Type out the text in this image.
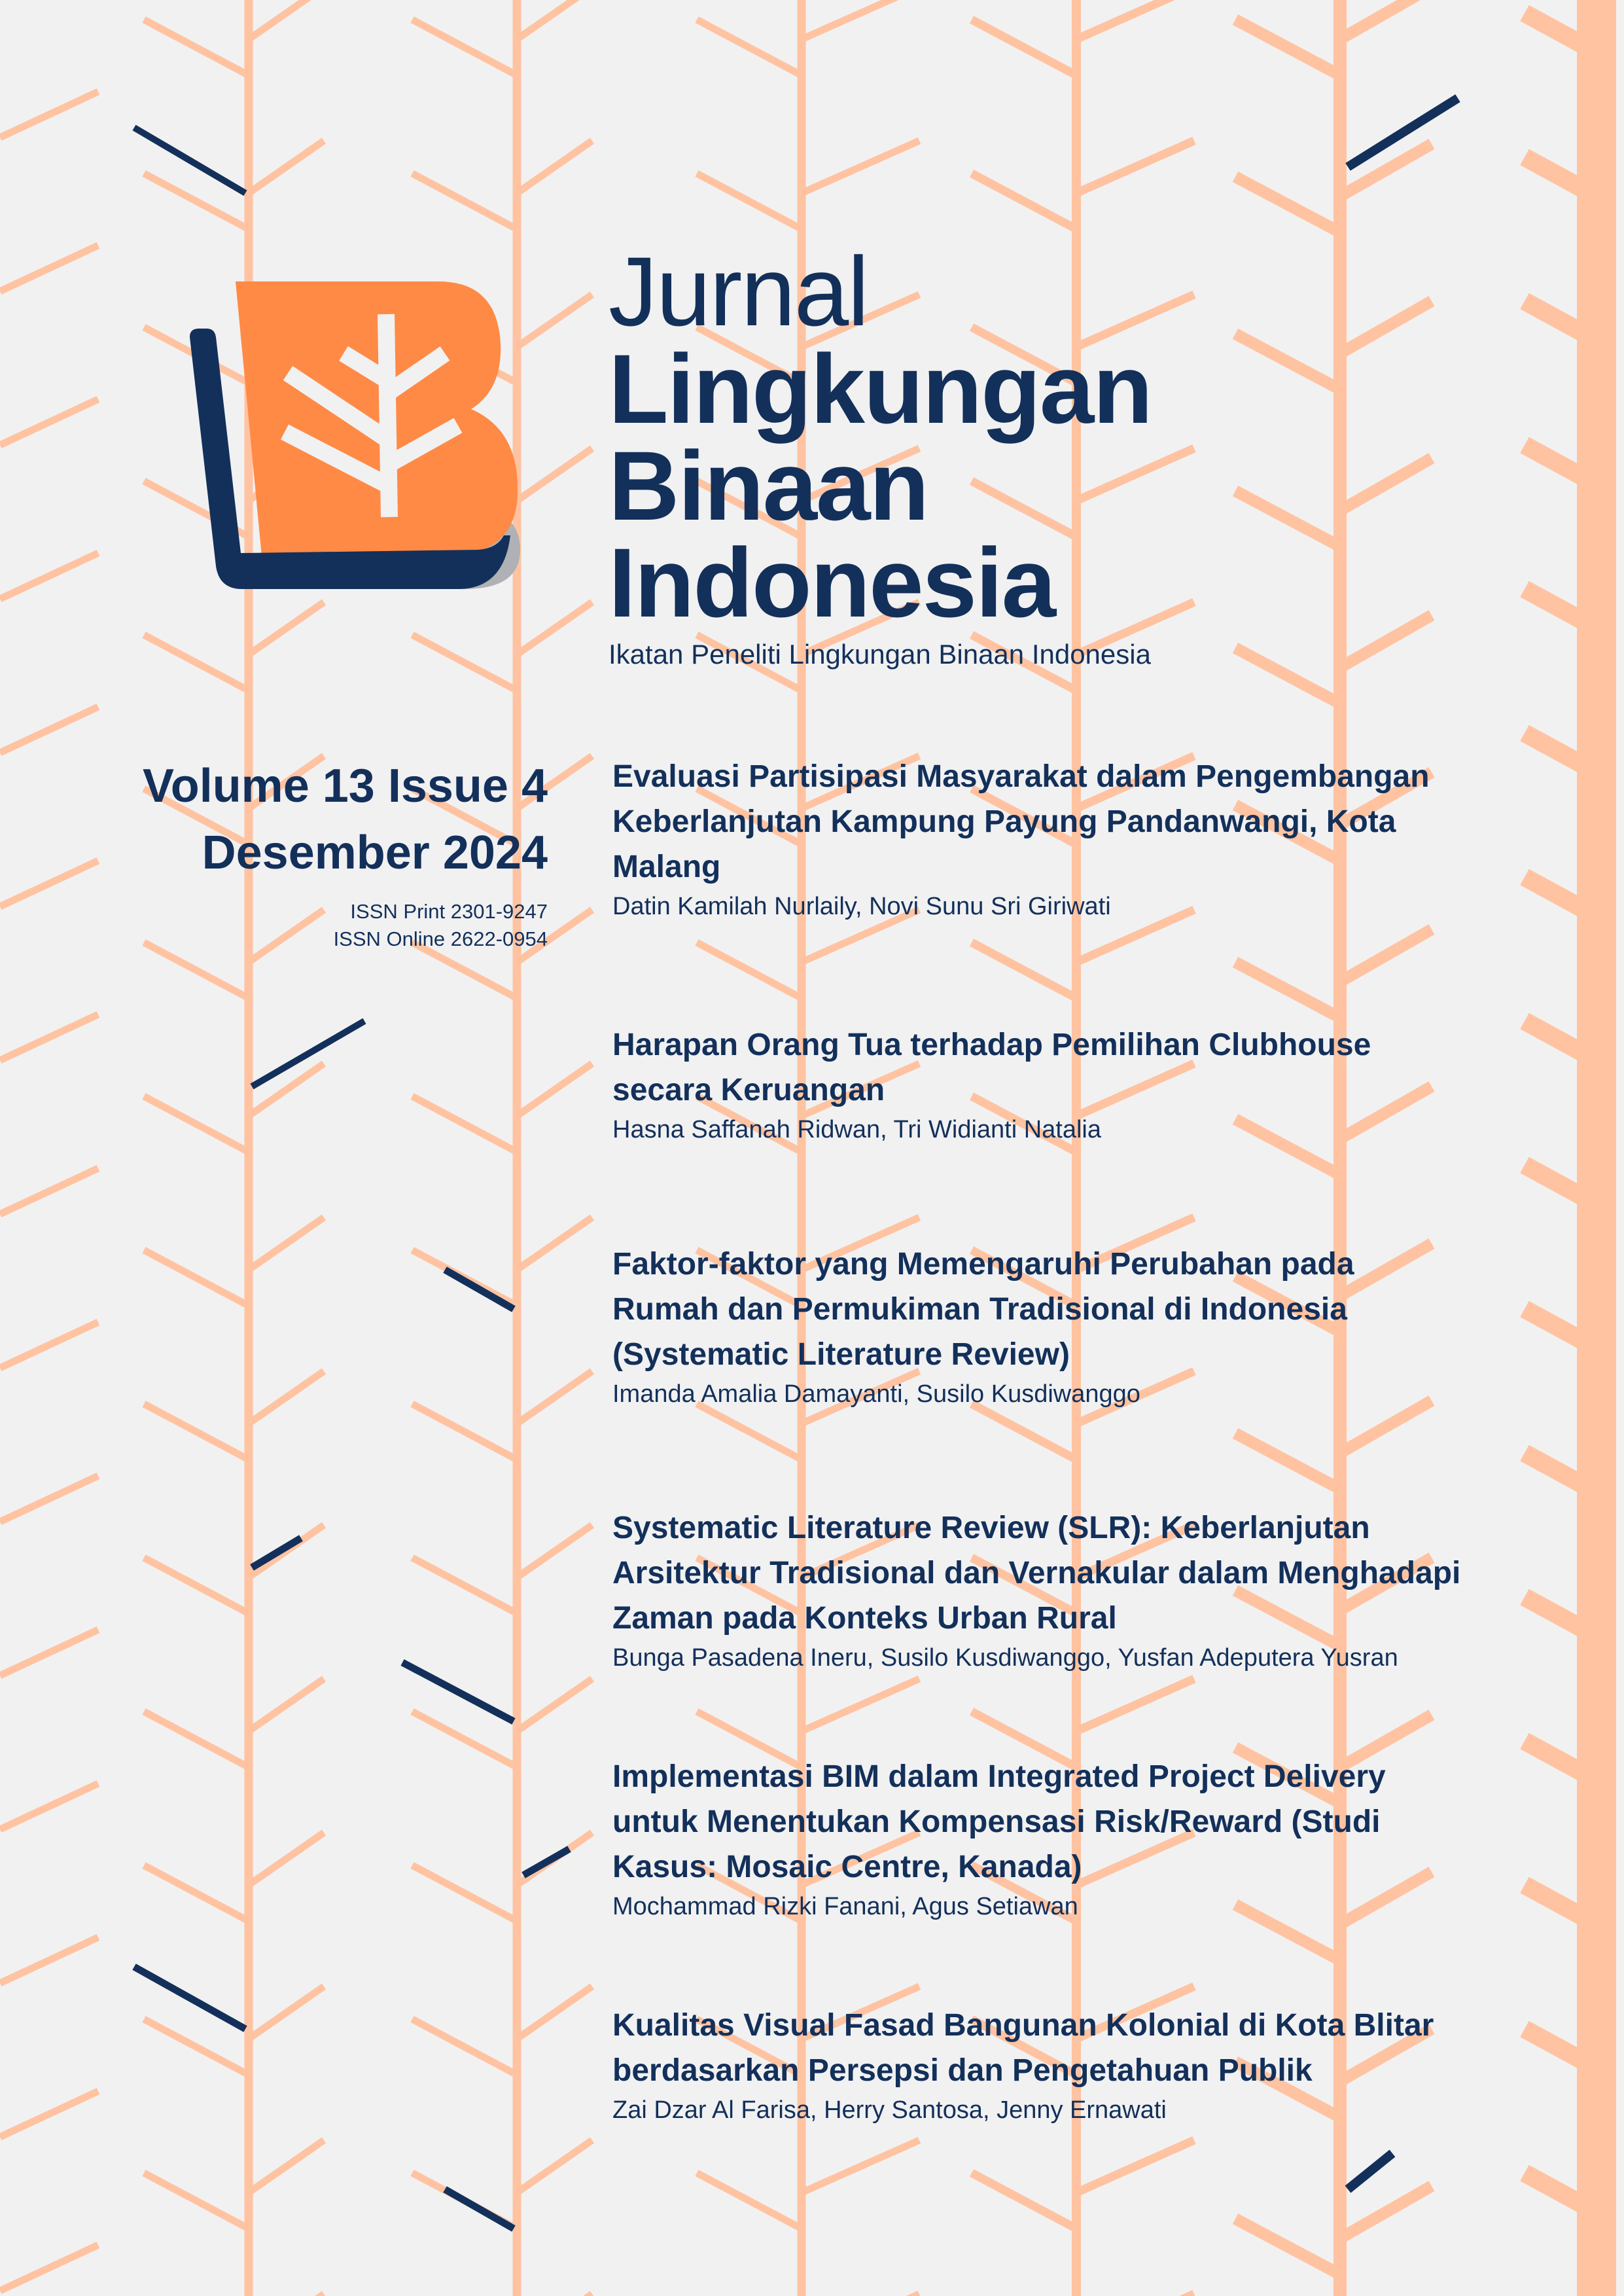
Jurnal

Lingkungan

Binaan

Indonesia

Ikatan Peneliti Lingkungan Binaan Indonesia

Volume 13 Issue 4

Desember 2024

ISSN Print 2301-9247
ISSN Online 2622-0954

Evaluasi Partisipasi Masyarakat dalam Pengembangan

Keberlanjutan Kampung Payung Pandanwangi, Kota

Malang

Datin Kamilah Nurlaily, Novi Sunu Sri Giriwati

Harapan Orang Tua terhadap Pemilihan Clubhouse

secara Keruangan

Hasna Saffanah Ridwan, Tri Widianti Natalia

Faktor-faktor yang Memengaruhi Perubahan pada

Rumah dan Permukiman Tradisional di Indonesia

(Systematic Literature Review)

Imanda Amalia Damayanti, Susilo Kusdiwanggo

Systematic Literature Review (SLR): Keberlanjutan

Arsitektur Tradisional dan Vernakular dalam Menghadapi

Zaman pada Konteks Urban Rural

Bunga Pasadena Ineru, Susilo Kusdiwanggo, Yusfan Adeputera Yusran

Implementasi BIM dalam Integrated Project Delivery

untuk Menentukan Kompensasi Risk/Reward (Studi

Kasus: Mosaic Centre, Kanada)

Mochammad Rizki Fanani, Agus Setiawan

Kualitas Visual Fasad Bangunan Kolonial di Kota Blitar

berdasarkan Persepsi dan Pengetahuan Publik

Zai Dzar Al Farisa, Herry Santosa, Jenny Ernawati
